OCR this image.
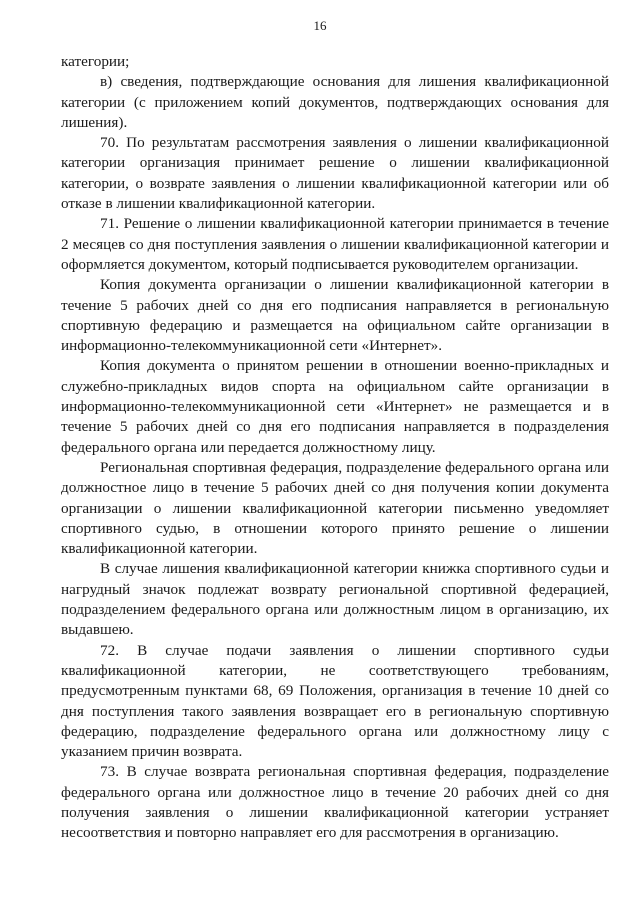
16

категории;

в) сведения, подтверждающие основания для лишения квалификационной категории (с приложением копий документов, подтверждающих основания для лишения).

70. По результатам рассмотрения заявления о лишении квалификационной категории организация принимает решение о лишении квалификационной категории, о возврате заявления о лишении квалификационной категории или об отказе в лишении квалификационной категории.

71. Решение о лишении квалификационной категории принимается в течение 2 месяцев со дня поступления заявления о лишении квалификационной категории и оформляется документом, который подписывается руководителем организации.

Копия документа организации о лишении квалификационной категории в течение 5 рабочих дней со дня его подписания направляется в региональную спортивную федерацию и размещается на официальном сайте организации в информационно-телекоммуникационной сети «Интернет».

Копия документа о принятом решении в отношении военно-прикладных и служебно-прикладных видов спорта на официальном сайте организации в информационно-телекоммуникационной сети «Интернет» не размещается и в течение 5 рабочих дней со дня его подписания направляется в подразделения федерального органа или передается должностному лицу.

Региональная спортивная федерация, подразделение федерального органа или должностное лицо в течение 5 рабочих дней со дня получения копии документа организации о лишении квалификационной категории письменно уведомляет спортивного судью, в отношении которого принято решение о лишении квалификационной категории.

В случае лишения квалификационной категории книжка спортивного судьи и нагрудный значок подлежат возврату региональной спортивной федерацией, подразделением федерального органа или должностным лицом в организацию, их выдавшею.

72. В случае подачи заявления о лишении спортивного судьи квалификационной категории, не соответствующего требованиям, предусмотренным пунктами 68, 69 Положения, организация в течение 10 дней со дня поступления такого заявления возвращает его в региональную спортивную федерацию, подразделение федерального органа или должностному лицу с указанием причин возврата.

73. В случае возврата региональная спортивная федерация, подразделение федерального органа или должностное лицо в течение 20 рабочих дней со дня получения заявления о лишении квалификационной категории устраняет несоответствия и повторно направляет его для рассмотрения в организацию.
